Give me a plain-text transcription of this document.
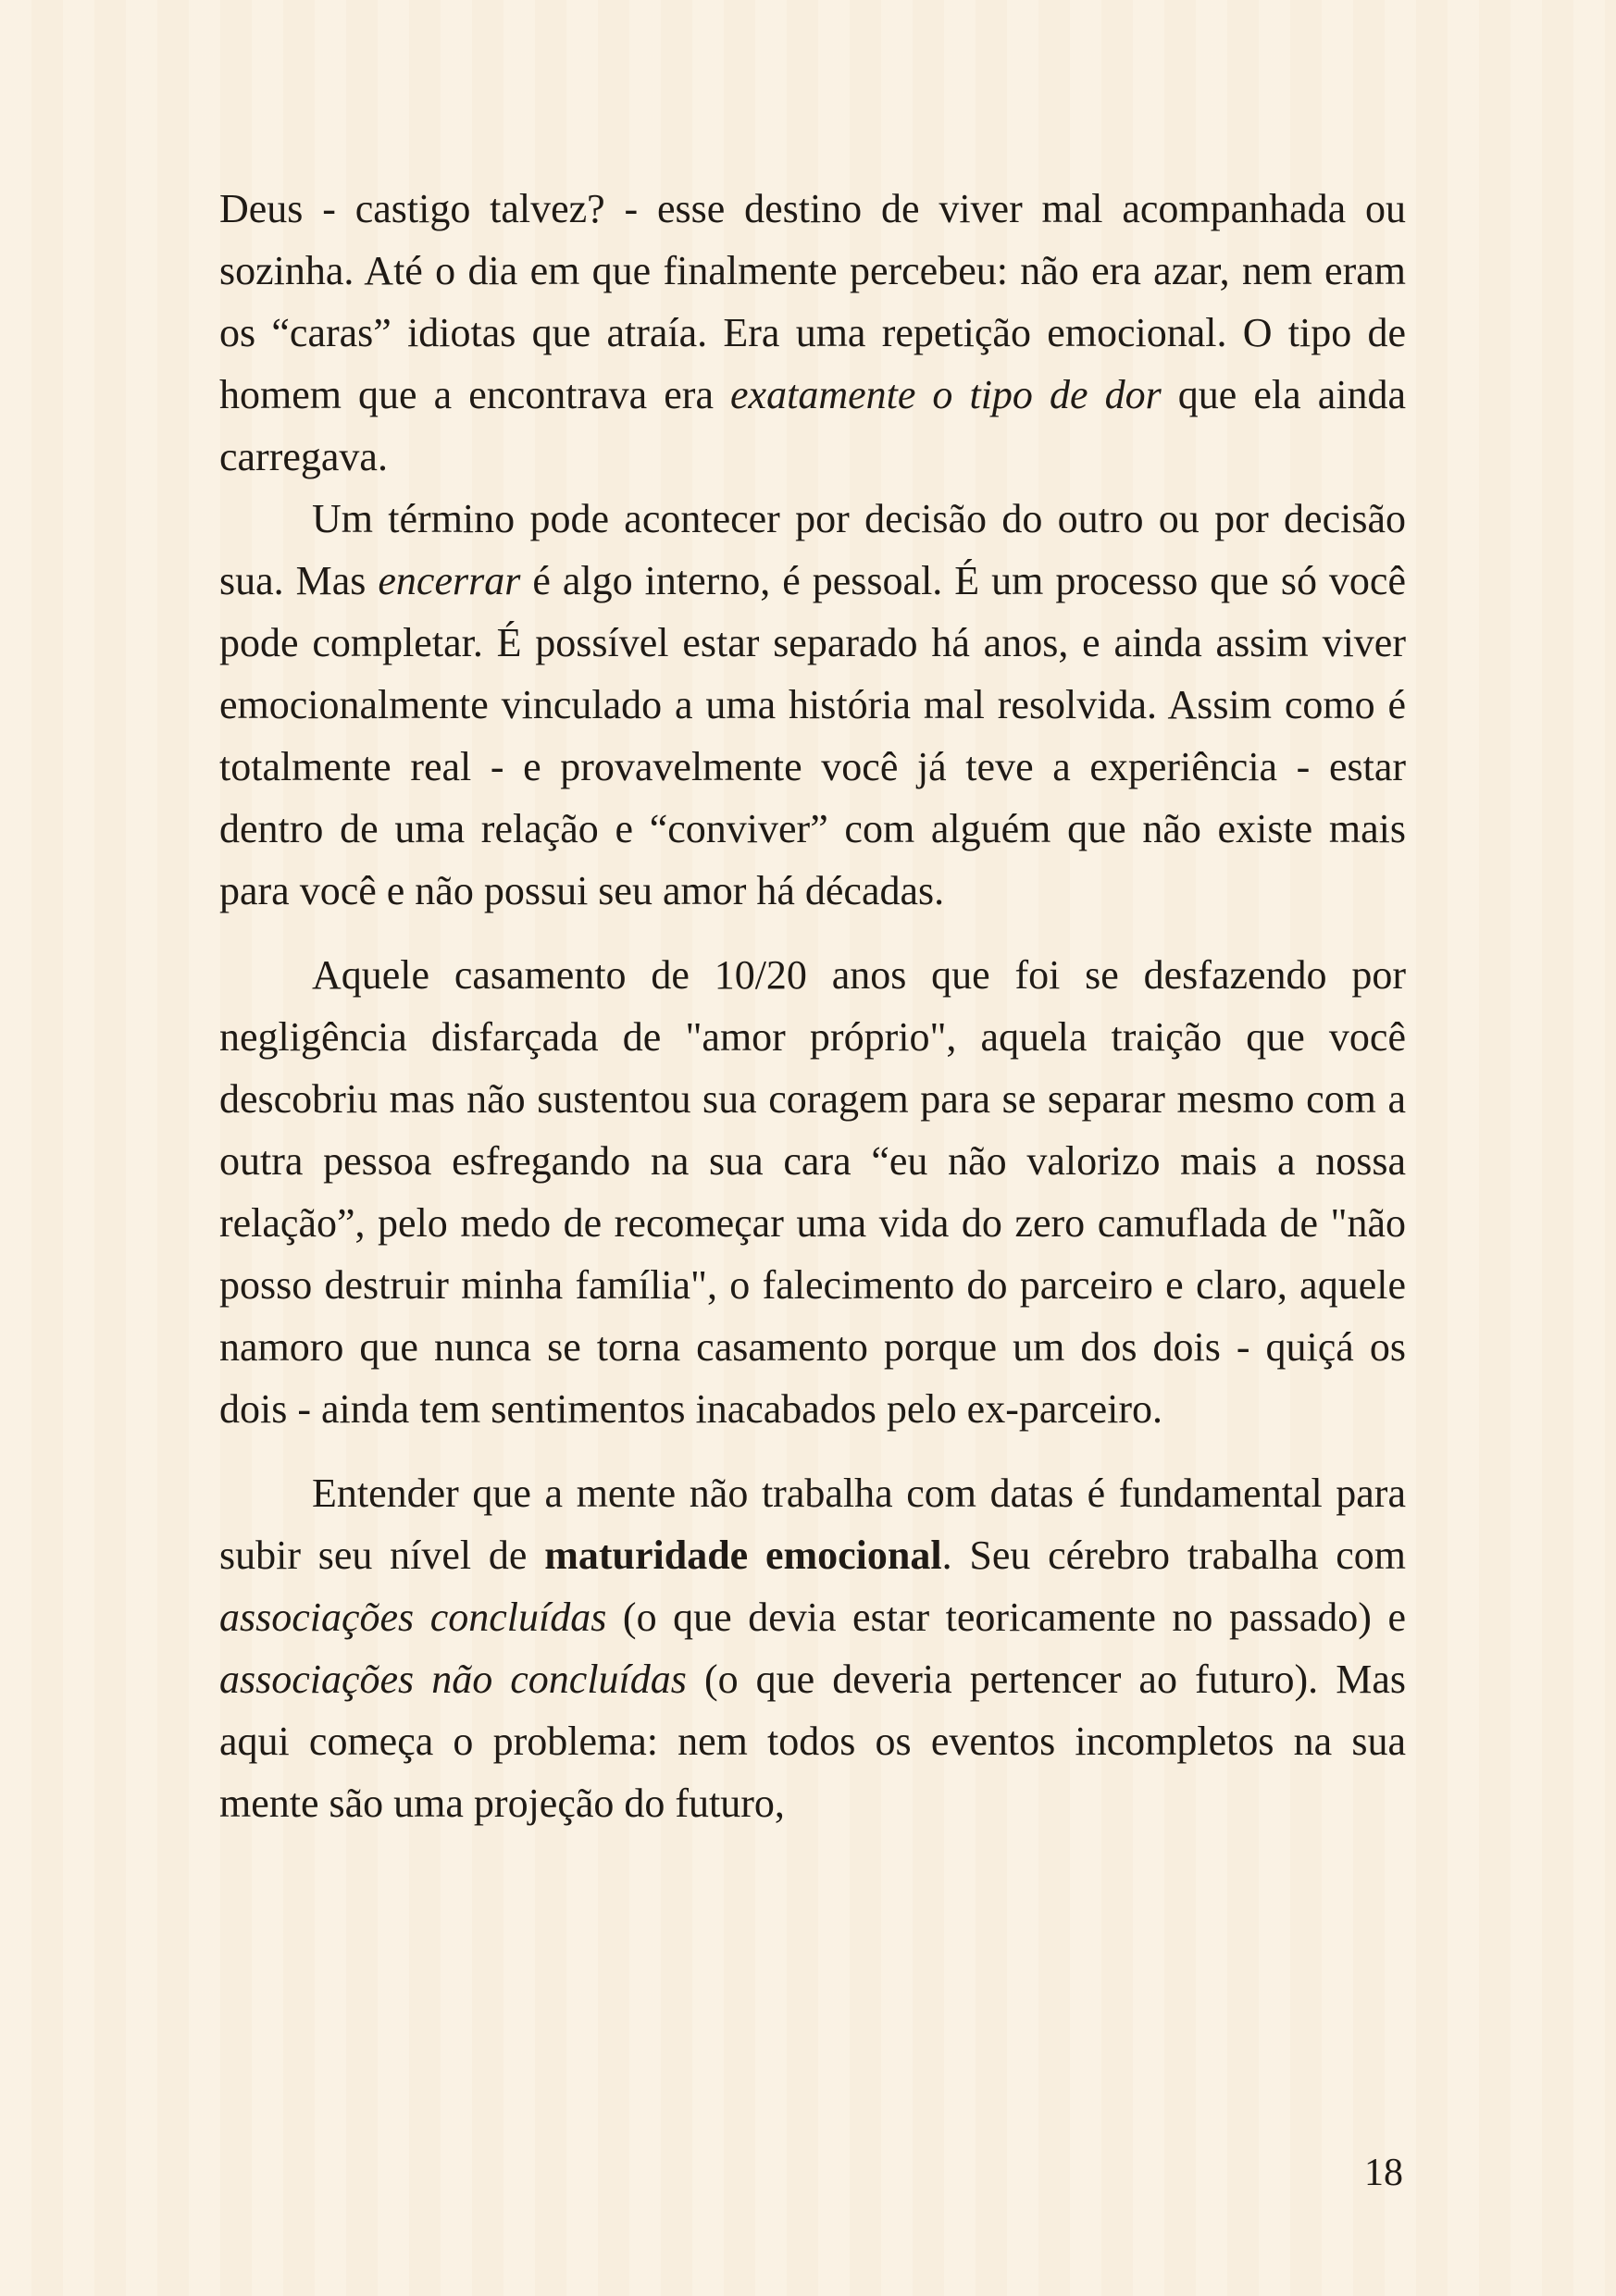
Deus - castigo talvez? - esse destino de viver mal acompanhada ou sozinha. Até o dia em que finalmente percebeu: não era azar, nem eram os “caras” idiotas que atraía. Era uma repetição emocional. O tipo de homem que a encontrava era exatamente o tipo de dor que ela ainda carregava.

Um término pode acontecer por decisão do outro ou por decisão sua. Mas encerrar é algo interno, é pessoal. É um processo que só você pode completar. É possível estar separado há anos, e ainda assim viver emocionalmente vinculado a uma história mal resolvida. Assim como é totalmente real - e provavelmente você já teve a experiência - estar dentro de uma relação e “conviver” com alguém que não existe mais para você e não possui seu amor há décadas.

Aquele casamento de 10/20 anos que foi se desfazendo por negligência disfarçada de "amor próprio", aquela traição que você descobriu mas não sustentou sua coragem para se separar mesmo com a outra pessoa esfregando na sua cara “eu não valorizo mais a nossa relação”, pelo medo de recomeçar uma vida do zero camuflada de "não posso destruir minha família", o falecimento do parceiro e claro, aquele namoro que nunca se torna casamento porque um dos dois - quiçá os dois - ainda tem sentimentos inacabados pelo ex-parceiro.

Entender que a mente não trabalha com datas é fundamental para subir seu nível de maturidade emocional. Seu cérebro trabalha com associações concluídas (o que devia estar teoricamente no passado) e associações não concluídas (o que deveria pertencer ao futuro). Mas aqui começa o problema: nem todos os eventos incompletos na sua mente são uma projeção do futuro,

18
